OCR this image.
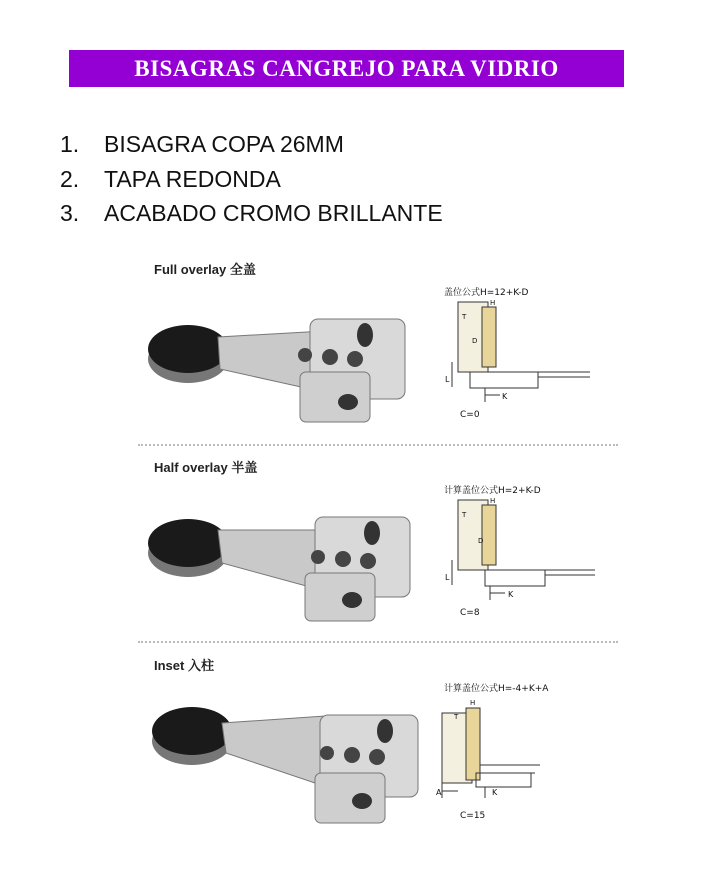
BISAGRAS CANGREJO PARA VIDRIO
1.	BISAGRA COPA 26MM
2.	TAPA REDONDA
3.	ACABADO CROMO BRILLANTE
Full overlay 全盖
盖位公式H=12+K-D
H
T
D
L
K
C=0
Half overlay 半盖
计算盖位公式H=2+K-D
H
T
D
L
K
C=8
Inset 入柱
计算盖位公式H=-4+K+A
H
T
A	K
C=15
